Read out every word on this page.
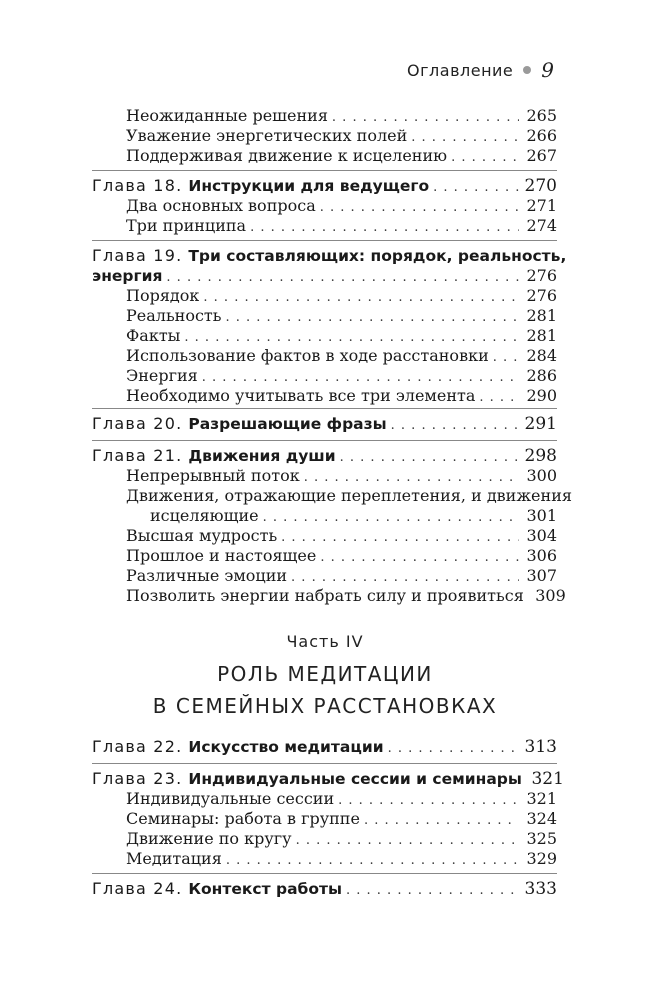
Оглавление 9
Неожиданные решения . . .	265
Уважение энергетических полей . . .	266
Поддерживая движение к исцелению . . .	267
Глава 18. Инструкции для ведущего . . .	270
Два основных вопроса . . .	271
Три принципа . . .	274
Глава 19. Три составляющих: порядок, реальность,
энергия . . .	276
Порядок . . .	276
Реальность . . .	281
Факты . . .	281
Использование фактов в ходе расстановки . . . 284
Энергия . . .	286
Необходимо учитывать все три элемента . . .	290
Глава 20. Разрешающие фразы . . .	291
Глава 21. Движения души . . .	298
Непрерывный поток . . .	300
Движения, отражающие переплетения, и движения
исцеляющие . . .	301
Высшая мудрость . . .	304
Прошлое и настоящее . . .	306
Различные эмоции . . .	307
Позволить энергии набрать силу и проявиться 309
Часть IV
РОЛЬ МЕДИТАЦИИ
В СЕМЕЙНЫХ РАССТАНОВКАХ
Глава 22. Искусство медитации . . .	313
Глава 23. Индивидуальные сессии и семинары 321
Индивидуальные сессии . . .	321
Семинары: работа в группе . . .	324
Движение по кругу . . .	325
Медитация . . .	329
Глава 24. Контекст работы . . .	333
